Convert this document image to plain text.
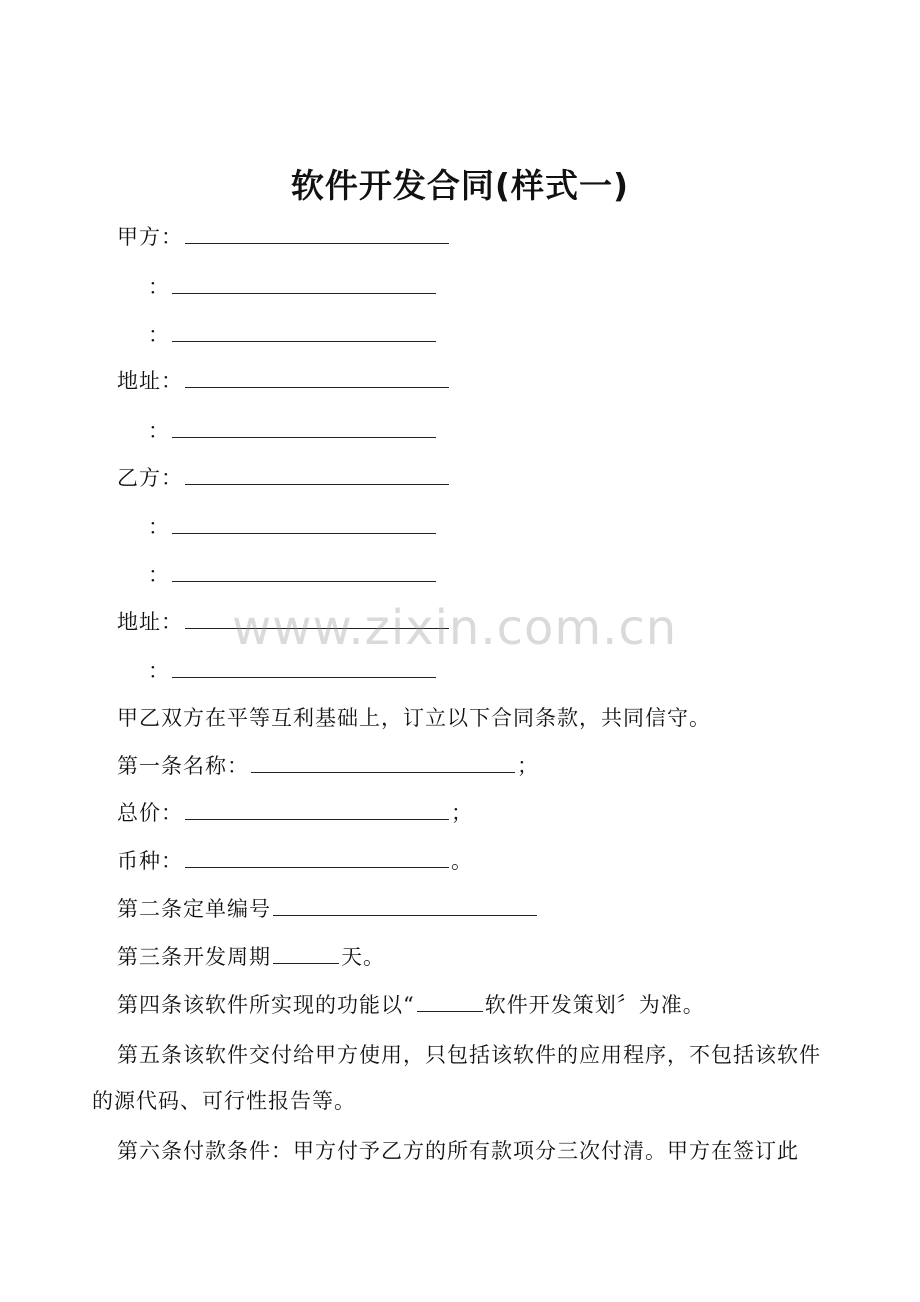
软件开发合同(样式一)
甲方：
：
：
地址：
：
乙方：
：
：
地址：
：
甲乙双方在平等互利基础上，订立以下合同条款，共同信守。
第一条名称：	；
总价：	；
币种：	。
第二条定单编号
第三条开发周期	天。
第四条该软件所实现的功能以“	软件开发策划〞为准。
第五条该软件交付给甲方使用，只包括该软件的应用程序，不包括该软件的源代码、可行性报告等。
第六条付款条件：甲方付予乙方的所有款项分三次付清。甲方在签订此
www.zixin.com.cn
